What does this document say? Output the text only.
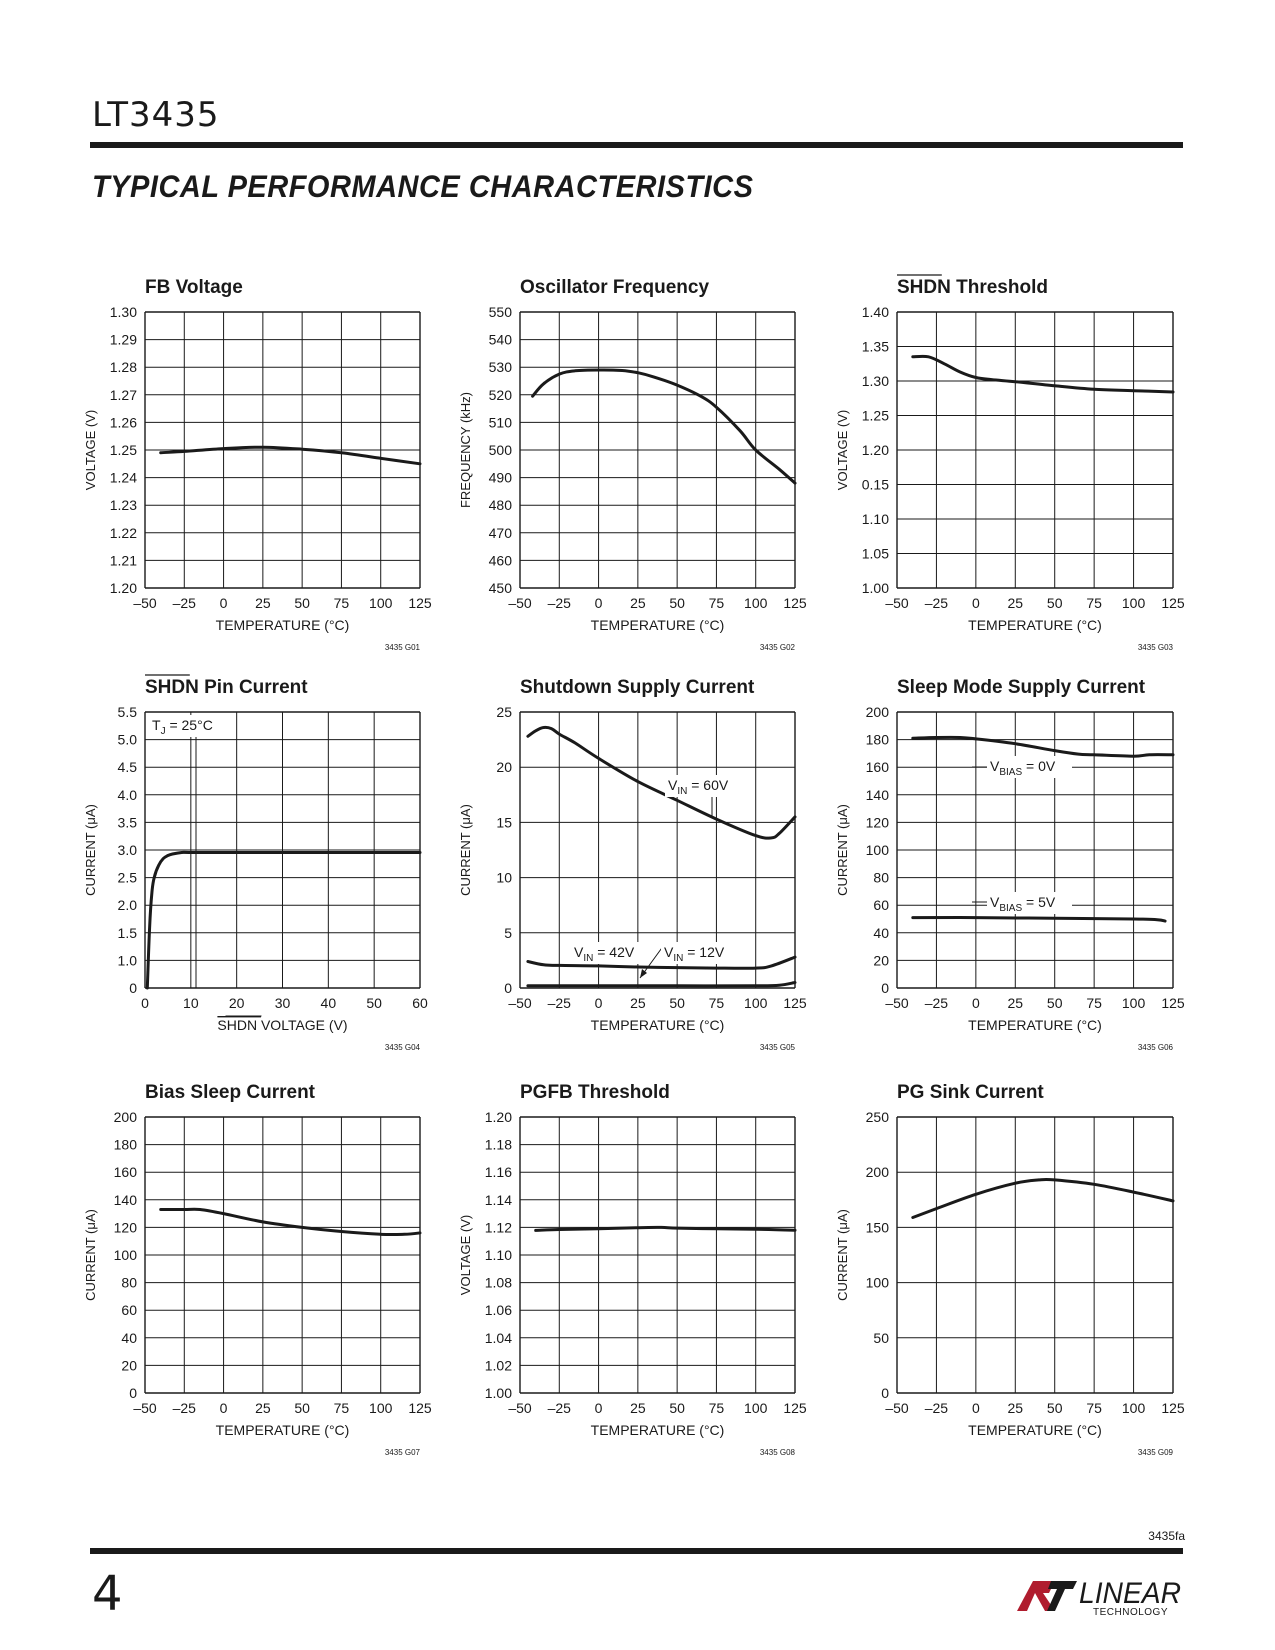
LT3435
TYPICAL PERFORMANCE CHARACTERISTICS
FB Voltage
–50 –25 0 25 50 75 100 125
1.20
1.21
1.22
1.23
1.24
1.25
1.26
1.27
1.28
1.29
1.30
TEMPERATURE (°C)
VOLTAGE (V)
3435 G01
Oscillator Frequency
–50 –25 0 25 50 75 100 125
450
460
470
480
490
500
510
520
530
540
550
TEMPERATURE (°C)
FREQUENCY (kHz)
3435 G02
SHDN Threshold
–50 –25 0 25 50 75 100 125
1.00
1.05
1.10
0.15
1.20
1.25
1.30
1.35
1.40
TEMPERATURE (°C)
VOLTAGE (V)
3435 G03
SHDN Pin Current
0 10 20 30 40 50 60
0
1.0
1.5
2.0
2.5
3.0
3.5
4.0
4.5
5.0
5.5
SHDN VOLTAGE (V)
CURRENT (μA)
3435 G04
$T_J = 25^\circ C$
Shutdown Supply Current
–50 –25 0 25 50 75 100 125
0
5
10
15
20
25
TEMPERATURE (°C)
CURRENT (μA)
3435 G05
$V_{IN} = 60V$
$V_{IN} = 42V$ $V_{IN} = 12V$
Sleep Mode Supply Current
–50 –25 0 25 50 75 100 125
0
20
40
60
80
100
120
140
160
180
200
TEMPERATURE (°C)
CURRENT (μA)
3435 G06
$V_{BIAS} = 0V$
$V_{BIAS} = 5V$
Bias Sleep Current
–50 –25 0 25 50 75 100 125
0
20
40
60
80
100
120
140
160
180
200
TEMPERATURE (°C)
CURRENT (μA)
3435 G07
PGFB Threshold
–50 –25 0 25 50 75 100 125
1.00
1.02
1.04
1.06
1.08
1.10
1.12
1.14
1.16
1.18
1.20
TEMPERATURE (°C)
VOLTAGE (V)
3435 G08
PG Sink Current
–50 –25 0 25 50 75 100 125
0
50
100
150
200
250
TEMPERATURE (°C)
CURRENT (μA)
3435 G09
3435fa
4	LINEAR
TECHNOLOGY
